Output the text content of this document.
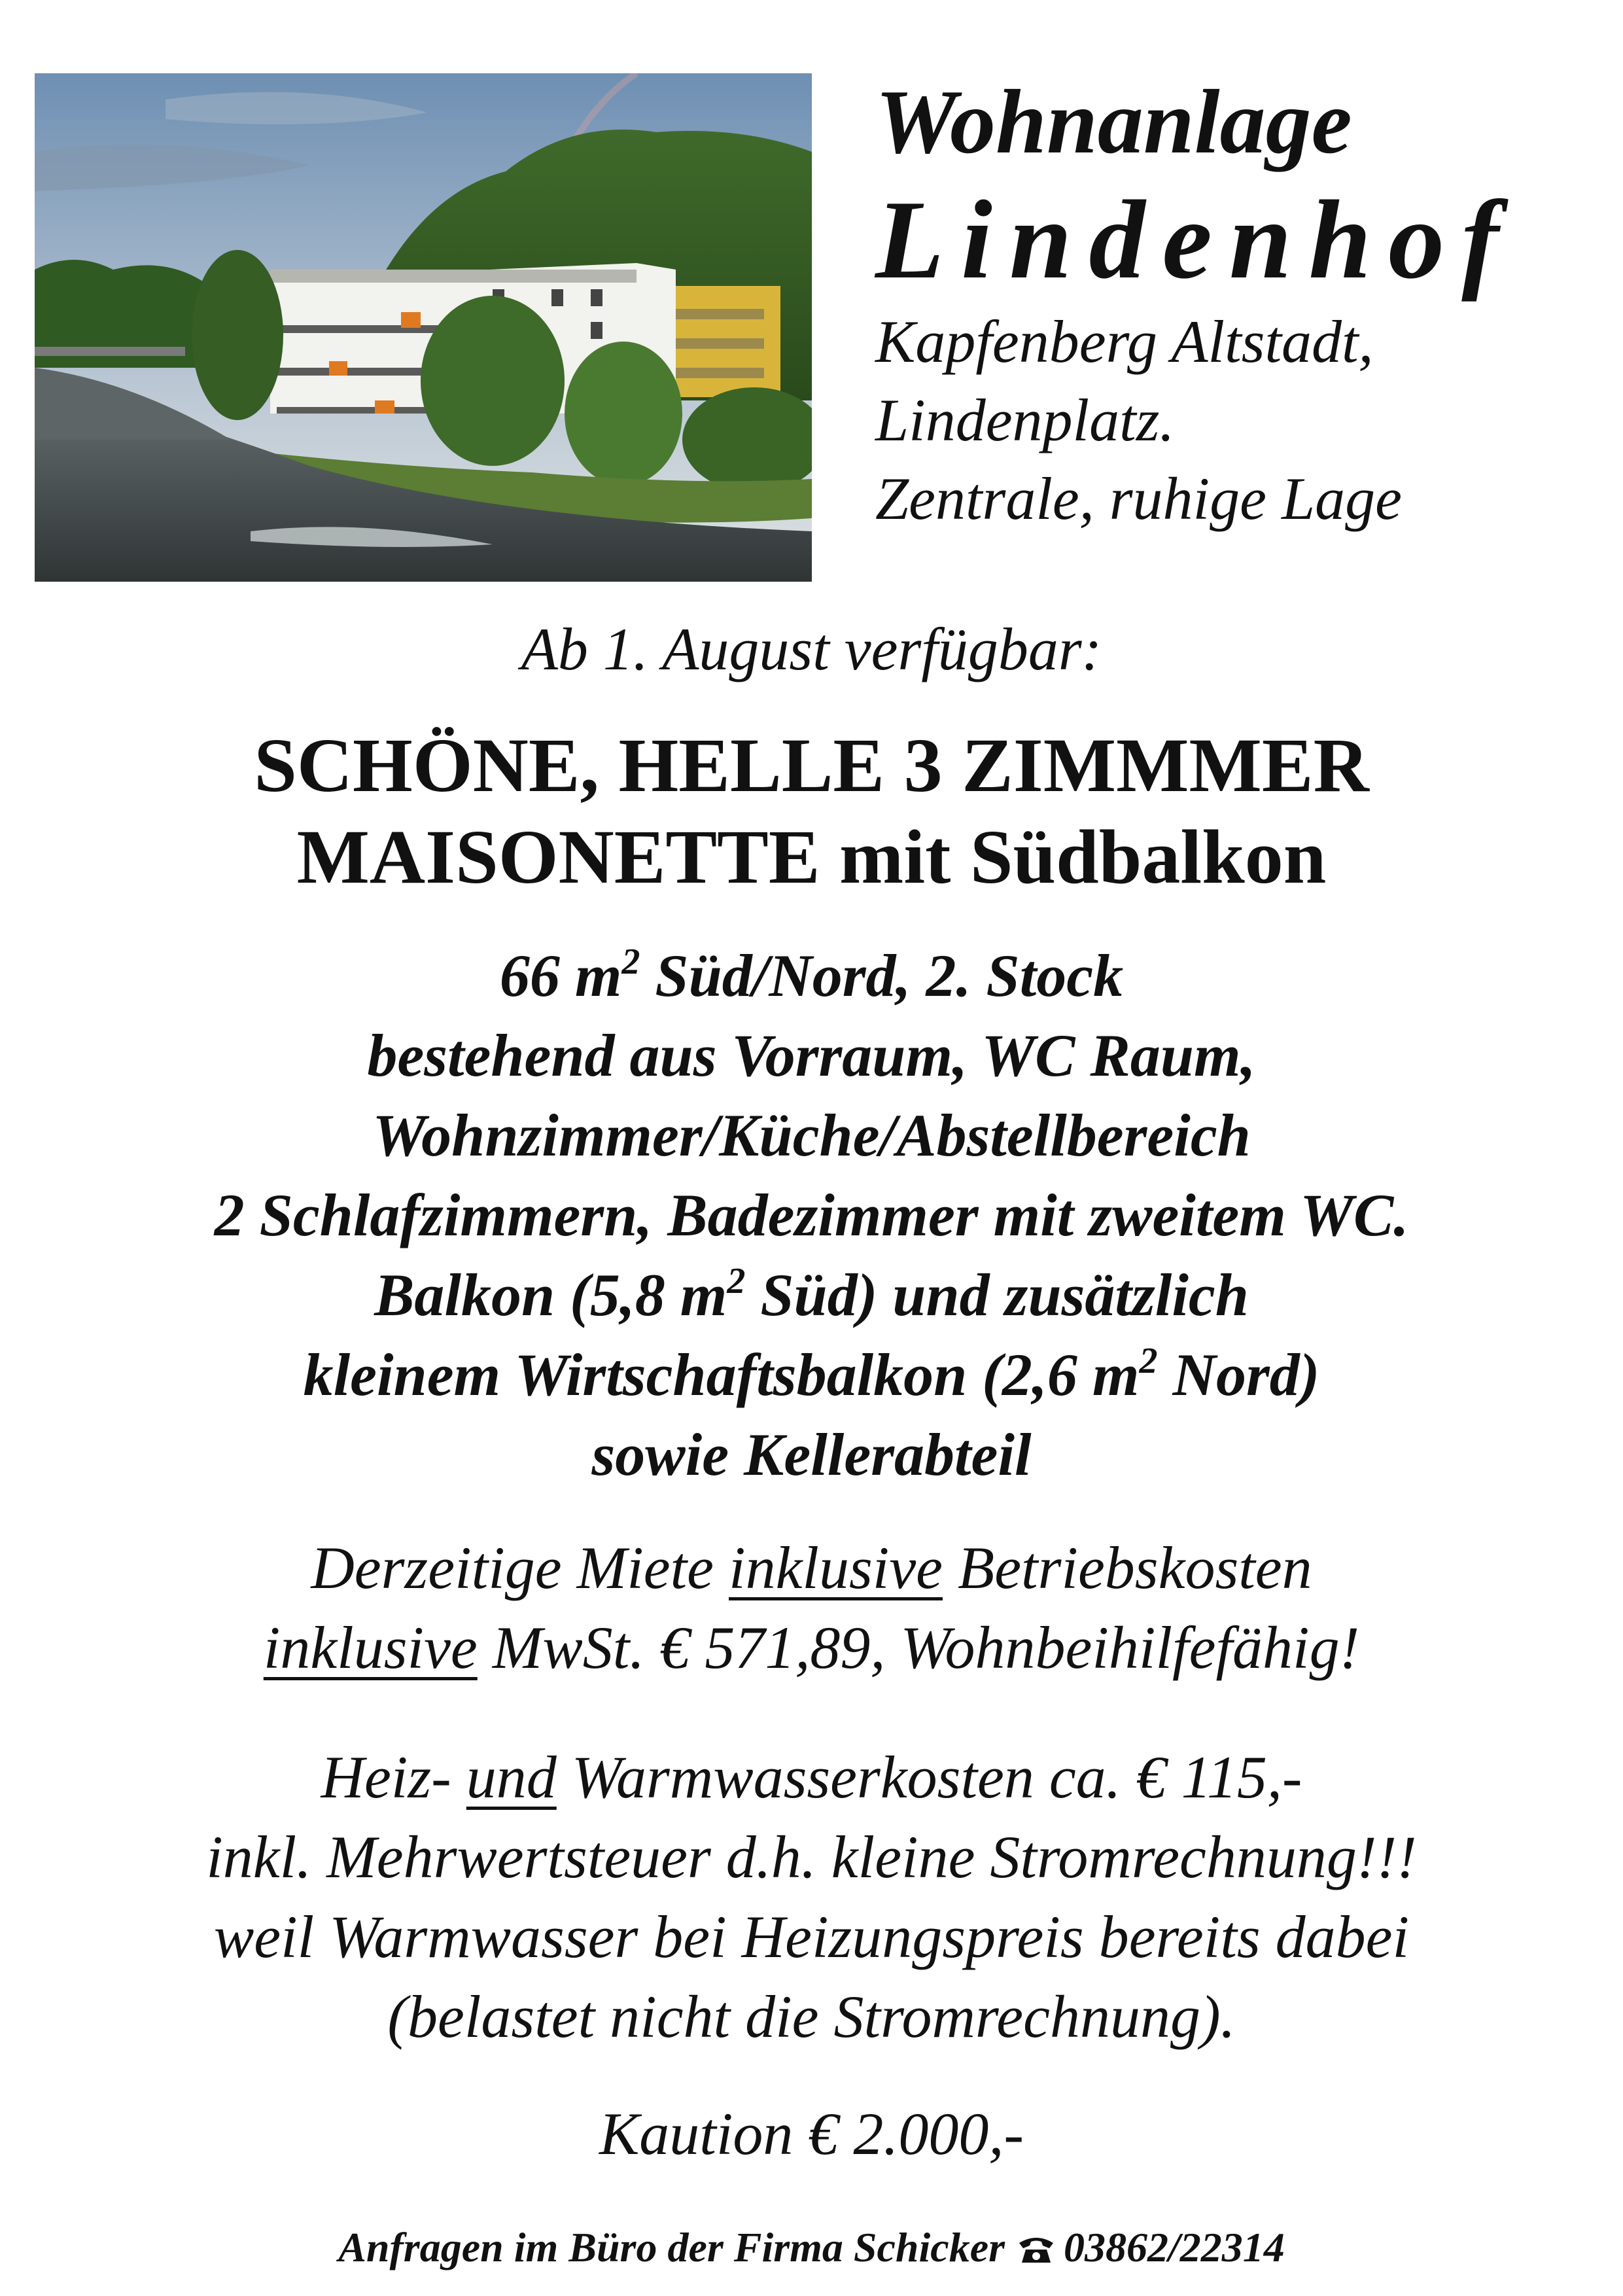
Wohnanlage
Lindenhof
Kapfenberg Altstadt,
Lindenplatz.
Zentrale, ruhige Lage
Ab 1. August verfügbar:
SCHÖNE, HELLE 3 ZIMMMER
MAISONETTE mit Südbalkon
66 $m^2$ Süd/Nord, 2. Stock
bestehend aus Vorraum, WC Raum,
Wohnzimmer/Küche/Abstellbereich
2 Schlafzimmern, Badezimmer mit zweitem WC.
Balkon (5,8 $m^2$ Süd) und zusätzlich
kleinem Wirtschaftsbalkon (2,6 $m^2$ Nord)
sowie Kellerabteil
Derzeitige Miete inklusive Betriebskosten
inklusive MwSt. € 571,89, Wohnbeihilfefähig!
Heiz- und Warmwasserkosten ca. € 115,-
inkl. Mehrwertsteuer d.h. kleine Stromrechnung!!!
weil Warmwasser bei Heizungspreis bereits dabei
(belastet nicht die Stromrechnung).
Kaution € 2.000,-
Anfragen im Büro der Firma Schicker 03862/22314
